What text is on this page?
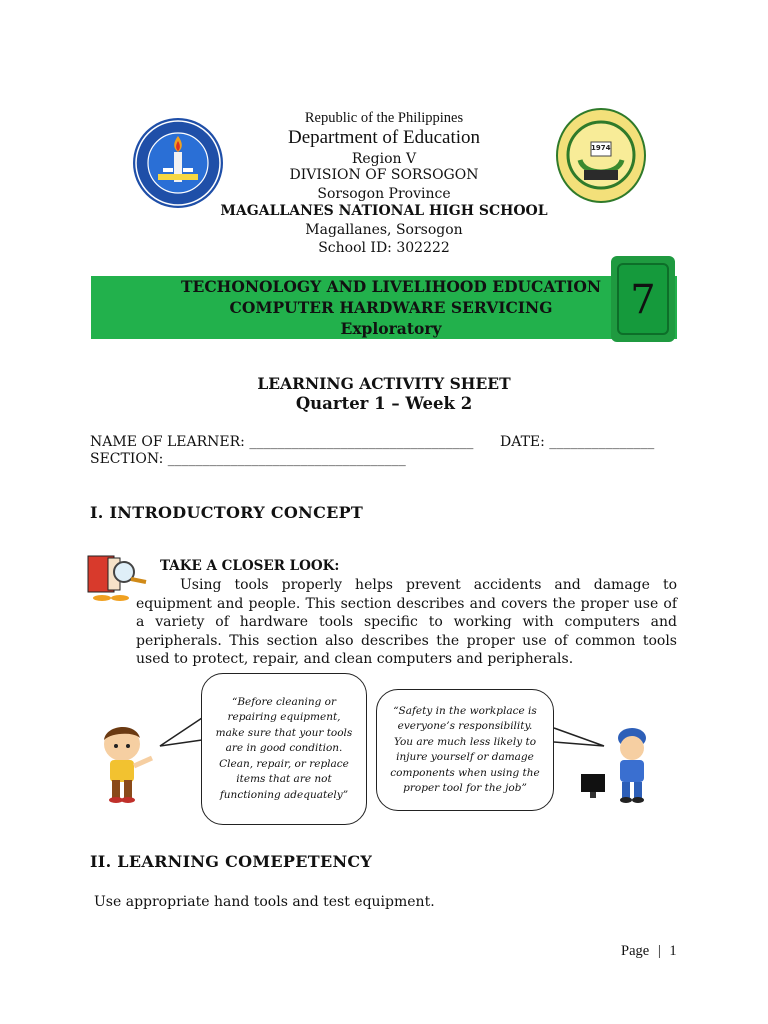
1974
Republic of the Philippines
Department of Education
Region V
DIVISION OF SORSOGON
Sorsogon Province
MAGALLANES NATIONAL HIGH SCHOOL
Magallanes, Sorsogon
School ID: 302222
TECHONOLOGY AND LIVELIHOOD EDUCATION
COMPUTER HARDWARE SERVICING
Exploratory
7
LEARNING ACTIVITY SHEET
Quarter 1 – Week 2
NAME OF LEARNER: ________________________________ DATE: _______________
SECTION: __________________________________
I. INTRODUCTORY CONCEPT
TAKE A CLOSER LOOK:
Using tools properly helps prevent accidents and damage to equipment and people. This section describes and covers the proper use of a variety of hardware tools specific to working with computers and peripherals. This section also describes the proper use of common tools used to protect, repair, and clean computers and peripherals.
“Before cleaning or repairing equipment, make sure that your tools are in good condition. Clean, repair, or replace items that are not functioning adequately”
“Safety in the workplace is everyone’s responsibility. You are much less likely to injure yourself or damage components when using the proper tool for the job”
II. LEARNING COMEPETENCY
Use appropriate hand tools and test equipment.
Page | 1
